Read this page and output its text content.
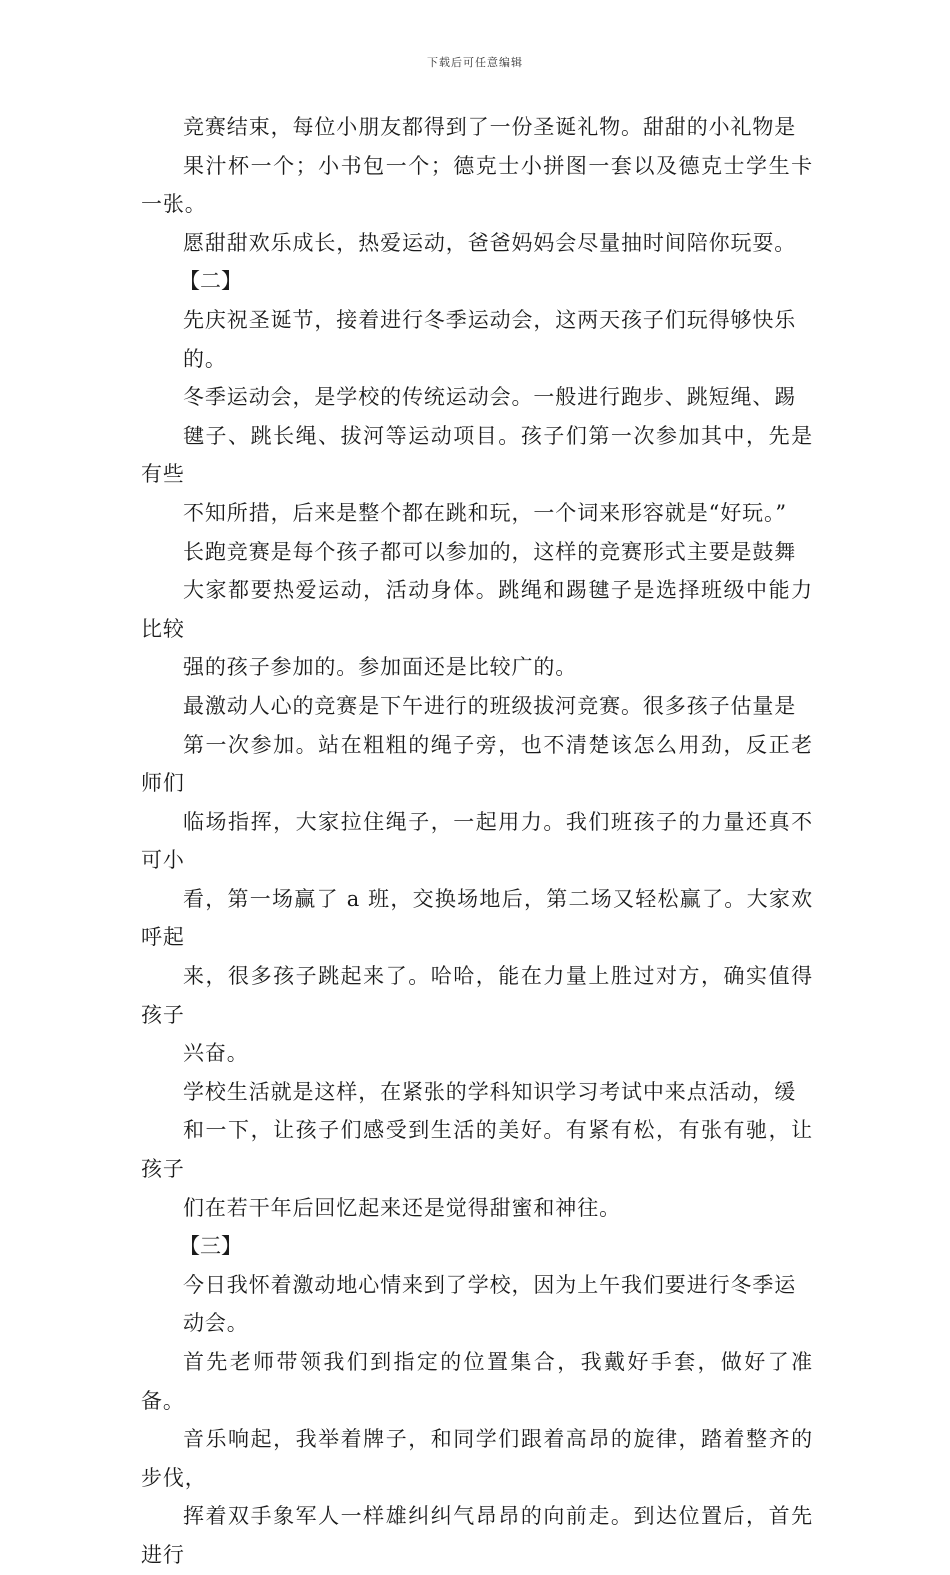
下载后可任意编辑

竞赛结束，每位小朋友都得到了一份圣诞礼物。甜甜的小礼物是
果汁杯一个；小书包一个；德克士小拼图一套以及德克士学生卡一张。

愿甜甜欢乐成长，热爱运动，爸爸妈妈会尽量抽时间陪你玩耍。

【二】

先庆祝圣诞节，接着进行冬季运动会，这两天孩子们玩得够快乐
的。

冬季运动会，是学校的传统运动会。一般进行跑步、跳短绳、踢
毽子、跳长绳、拔河等运动项目。孩子们第一次参加其中，先是有些
不知所措，后来是整个都在跳和玩，一个词来形容就是“好玩。”

长跑竞赛是每个孩子都可以参加的，这样的竞赛形式主要是鼓舞
大家都要热爱运动，活动身体。跳绳和踢毽子是选择班级中能力比较
强的孩子参加的。参加面还是比较广的。

最激动人心的竞赛是下午进行的班级拔河竞赛。很多孩子估量是
第一次参加。站在粗粗的绳子旁，也不清楚该怎么用劲，反正老师们
临场指挥，大家拉住绳子，一起用力。我们班孩子的力量还真不可小
看，第一场赢了 a 班，交换场地后，第二场又轻松赢了。大家欢呼起
来，很多孩子跳起来了。哈哈，能在力量上胜过对方，确实值得孩子
兴奋。

学校生活就是这样，在紧张的学科知识学习考试中来点活动，缓
和一下，让孩子们感受到生活的美好。有紧有松，有张有驰，让孩子
们在若干年后回忆起来还是觉得甜蜜和神往。

【三】

今日我怀着激动地心情来到了学校，因为上午我们要进行冬季运
动会。

首先老师带领我们到指定的位置集合，我戴好手套，做好了准备。
音乐响起，我举着牌子，和同学们跟着高昂的旋律，踏着整齐的步伐，
挥着双手象军人一样雄纠纠气昂昂的向前走。到达位置后，首先进行
